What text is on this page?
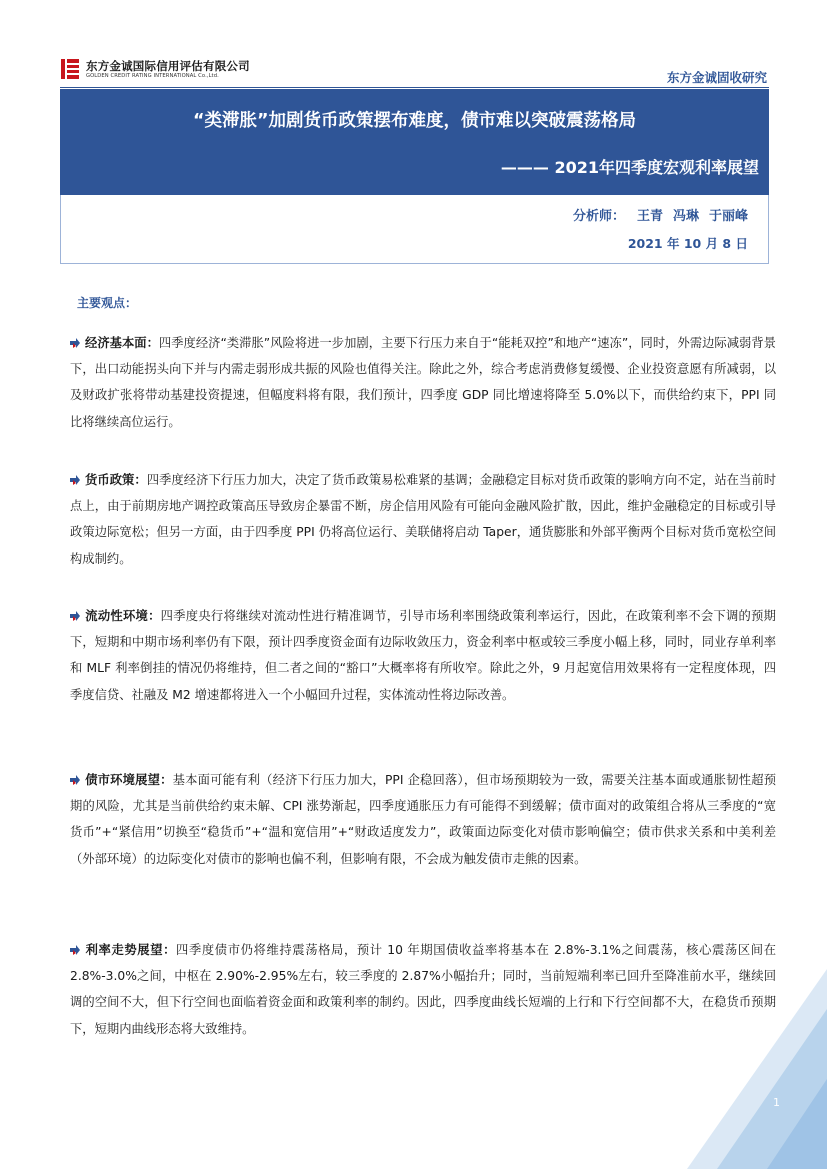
东方金诚国际信用评估有限公司
GOLDEN CREDIT RATING INTERNATIONAL Co.,Ltd.	东方金诚固收研究
“类滞胀”加剧货币政策摆布难度，债市难以突破震荡格局
——— 2021年四季度宏观利率展望
分析师： 王青 冯琳 于丽峰
2021 年 10 月 8 日
主要观点：
经济基本面：四季度经济“类滞胀”风险将进一步加剧，主要下行压力来自于“能耗双控”和地产“速冻”，同时，外需边际减弱背景下，出口动能拐头向下并与内需走弱形成共振的风险也值得关注。除此之外，综合考虑消费修复缓慢、企业投资意愿有所减弱，以及财政扩张将带动基建投资提速，但幅度料将有限，我们预计，四季度 GDP 同比增速将降至 5.0%以下，而供给约束下，PPI 同比将继续高位运行。
货币政策：四季度经济下行压力加大，决定了货币政策易松难紧的基调；金融稳定目标对货币政策的影响方向不定，站在当前时点上，由于前期房地产调控政策高压导致房企暴雷不断，房企信用风险有可能向金融风险扩散，因此，维护金融稳定的目标或引导政策边际宽松；但另一方面，由于四季度 PPI 仍将高位运行、美联储将启动 Taper，通货膨胀和外部平衡两个目标对货币宽松空间构成制约。
流动性环境：四季度央行将继续对流动性进行精准调节，引导市场利率围绕政策利率运行，因此，在政策利率不会下调的预期下，短期和中期市场利率仍有下限，预计四季度资金面有边际收敛压力，资金利率中枢或较三季度小幅上移，同时，同业存单利率和 MLF 利率倒挂的情况仍将维持，但二者之间的“豁口”大概率将有所收窄。除此之外，9 月起宽信用效果将有一定程度体现，四季度信贷、社融及 M2 增速都将进入一个小幅回升过程，实体流动性将边际改善。
债市环境展望：基本面可能有利（经济下行压力加大，PPI 企稳回落），但市场预期较为一致，需要关注基本面或通胀韧性超预期的风险，尤其是当前供给约束未解、CPI 涨势渐起，四季度通胀压力有可能得不到缓解；债市面对的政策组合将从三季度的“宽货币”+“紧信用”切换至“稳货币”+“温和宽信用”+“财政适度发力”，政策面边际变化对债市影响偏空；债市供求关系和中美利差（外部环境）的边际变化对债市的影响也偏不利，但影响有限，不会成为触发债市走熊的因素。
利率走势展望：四季度债市仍将维持震荡格局，预计 10 年期国债收益率将基本在 2.8%-3.1%之间震荡，核心震荡区间在 2.8%-3.0%之间，中枢在 2.90%-2.95%左右，较三季度的 2.87%小幅抬升；同时，当前短端利率已回升至降准前水平，继续回调的空间不大，但下行空间也面临着资金面和政策利率的制约。因此，四季度曲线长短端的上行和下行空间都不大，在稳货币预期下，短期内曲线形态将大致维持。
1
